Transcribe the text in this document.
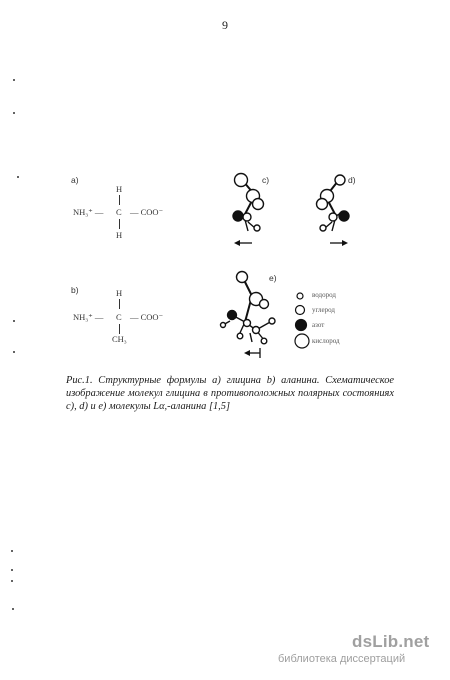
9
a)
H
NH₃⁺ — C — COO⁻
H
b)	H
NH₃⁺ — C — COO⁻
CH₃
c)	d)
e)
водород
углерод
азот
кислород
Рис.1. Структурные формулы a) глицина b) аланина. Схематическое изображение молекул глицина в противоположных полярных состояниях c), d) и e) молекулы Lα,-аланина [1,5]
dsLib.net
библиотека диссертаций
